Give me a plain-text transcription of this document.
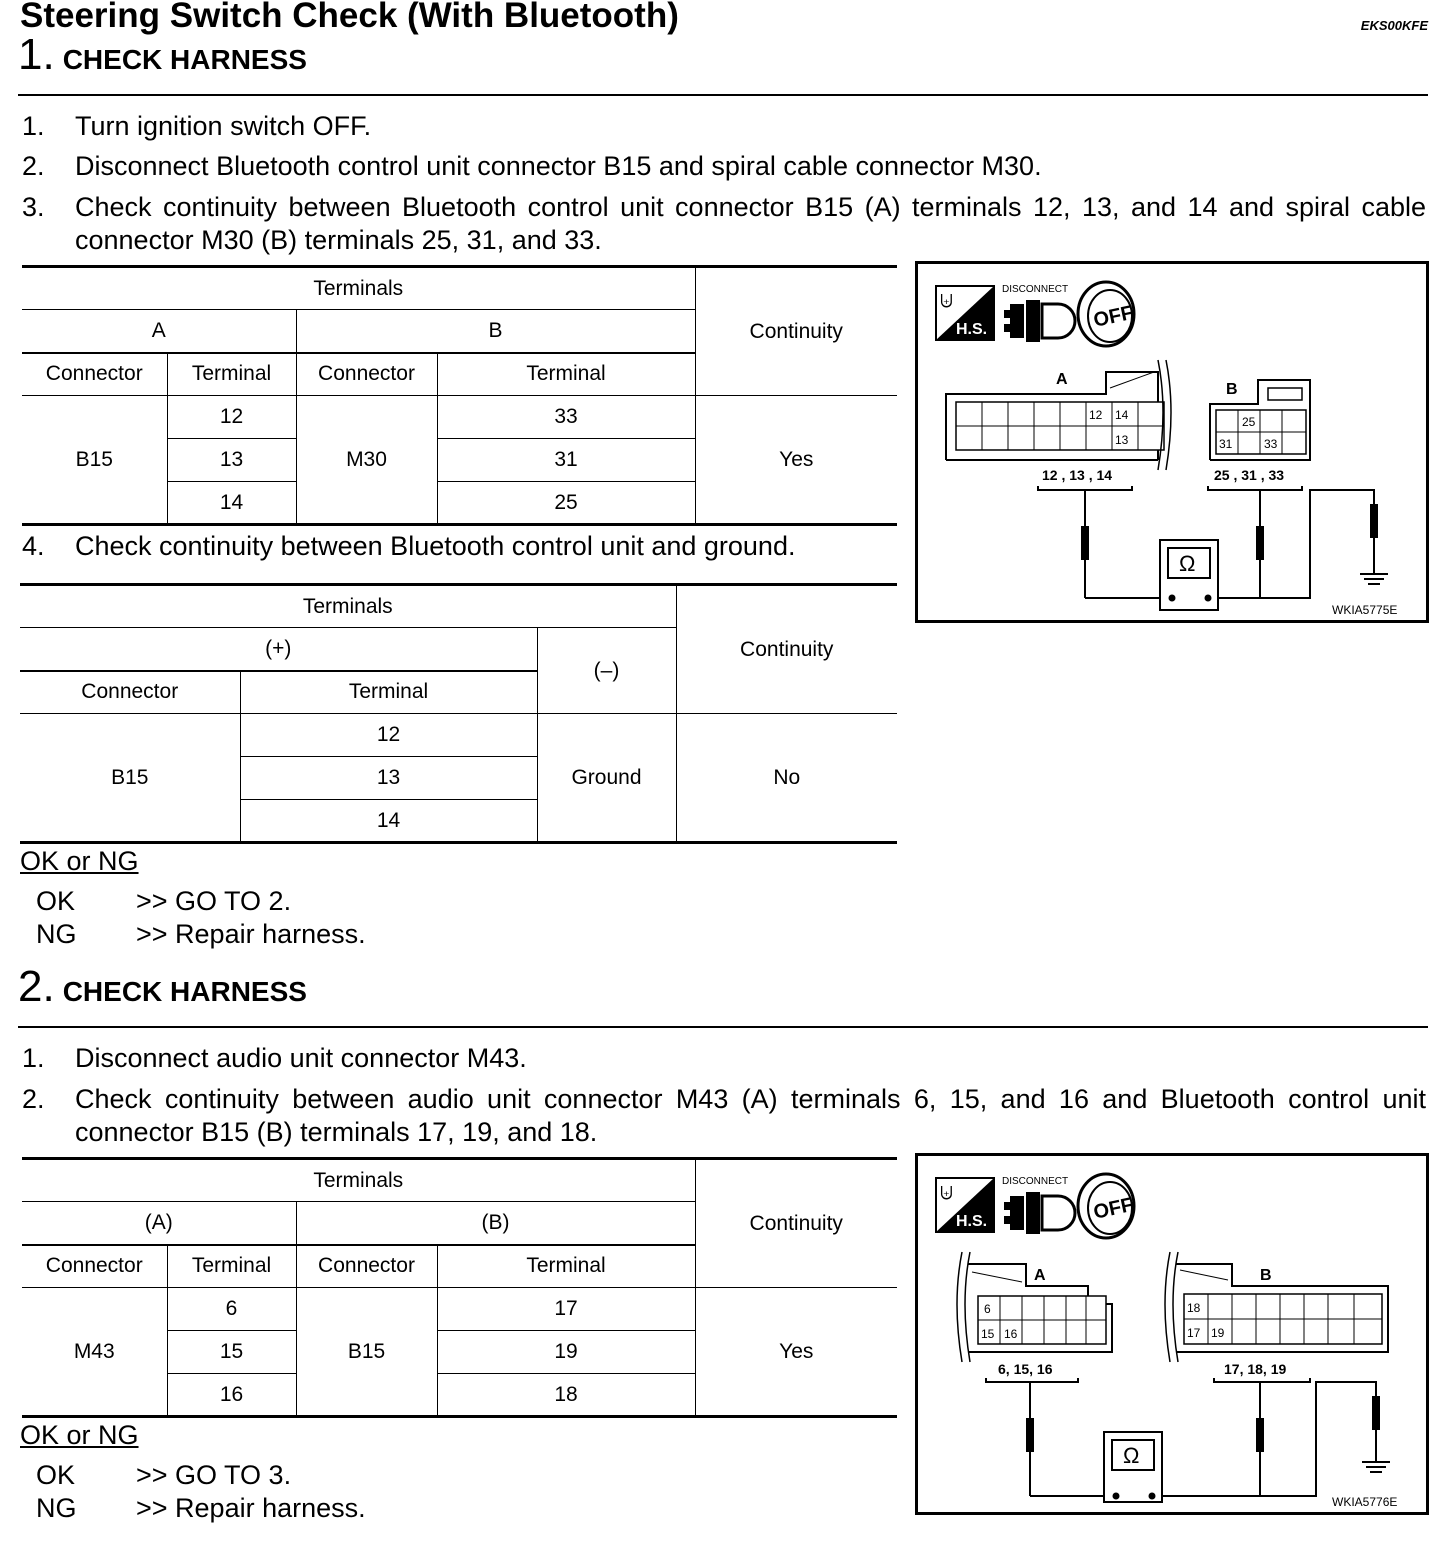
Steering Switch Check (With Bluetooth)	EKS00KFE
1. CHECK HARNESS
1.	Turn ignition switch OFF.
2.	Disconnect Bluetooth control unit connector B15 and spiral cable connector M30.
3.	Check continuity between Bluetooth control unit connector B15 (A) terminals 12, 13, and 14 and spiral cable connector M30 (B) terminals 25, 31, and 33.
Terminals				Continuity
A		B		
Connector	Terminal	Connector	Terminal	
B15	12	M30	33	Yes
	13		31	
	14		25	
4.	Check continuity between Bluetooth control unit and ground.
Terminals			Continuity
(+)		(–)	
Connector	Terminal		
B15	12	Ground	No
	13		
	14		
OK or NG
OK >> GO TO 2.
NG >> Repair harness.
⨄
H.S.
DISCONNECT
OFF
A
12 14
13
B
25
31	33
12 , 13 , 14	25 , 31 , 33
Ω
WKIA5775E
2. CHECK HARNESS
1.	Disconnect audio unit connector M43.
2.	Check continuity between audio unit connector M43 (A) terminals 6, 15, and 16 and Bluetooth control unit connector B15 (B) terminals 17, 19, and 18.
Terminals				Continuity
(A)		(B)		
Connector	Terminal	Connector	Terminal	
M43	6	B15	17	Yes
	15		19	
	16		18	
OK or NG
OK >> GO TO 3.
NG >> Repair harness.
⨄
H.S.
DISCONNECT
OFF
A
6
15 16
B
18
17 19
6, 15, 16	17, 18, 19
Ω
WKIA5776E
